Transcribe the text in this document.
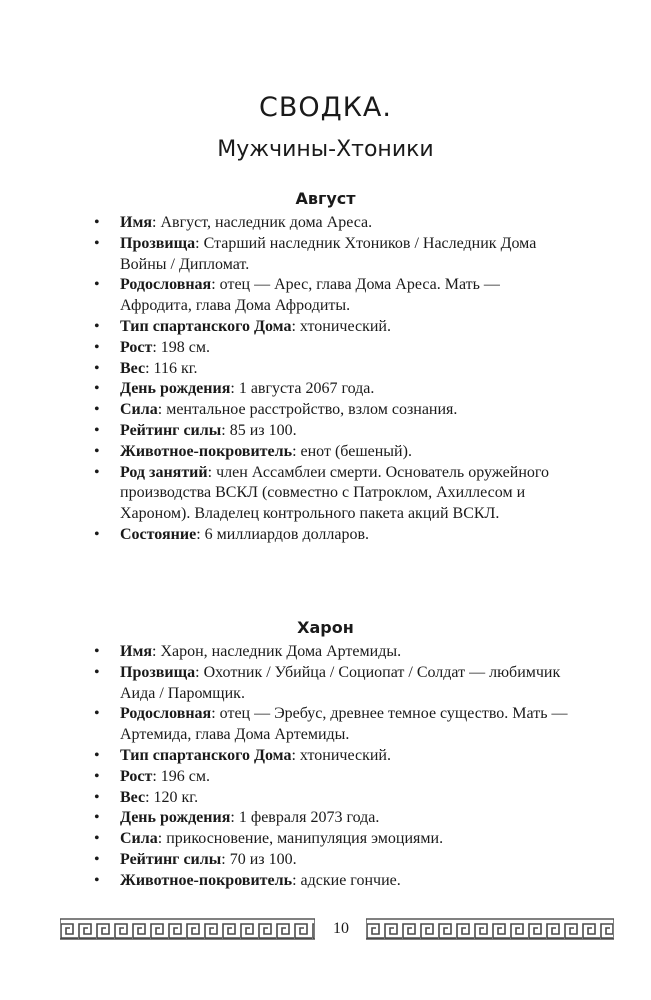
СВОДКА.
Мужчины-Хтоники
Август
• Имя: Август, наследник дома Ареса.
• Прозвища: Старший наследник Хтоников / Наследник Дома Войны / Дипломат.
• Родословная: отец — Арес, глава Дома Ареса. Мать — Афродита, глава Дома Афродиты.
• Тип спартанского Дома: хтонический.
• Рост: 198 см.
• Вес: 116 кг.
• День рождения: 1 августа 2067 года.
• Сила: ментальное расстройство, взлом сознания.
• Рейтинг силы: 85 из 100.
• Животное-покровитель: енот (бешеный).
• Род занятий: член Ассамблеи смерти. Основатель оружейного производства ВСКЛ (совместно с Патроклом, Ахиллесом и Хароном). Владелец контрольного пакета акций ВСКЛ.
• Состояние: 6 миллиардов долларов.
Харон
• Имя: Харон, наследник Дома Артемиды.
• Прозвища: Охотник / Убийца / Социопат / Солдат — любимчик Аида / Паромщик.
• Родословная: отец — Эребус, древнее темное существо. Мать — Артемида, глава Дома Артемиды.
• Тип спартанского Дома: хтонический.
• Рост: 196 см.
• Вес: 120 кг.
• День рождения: 1 февраля 2073 года.
• Сила: прикосновение, манипуляция эмоциями.
• Рейтинг силы: 70 из 100.
• Животное-покровитель: адские гончие.
10
